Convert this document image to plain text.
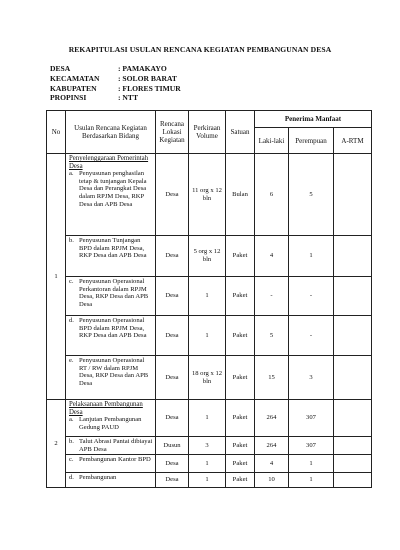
REKAPITULASI USULAN RENCANA KEGIATAN PEMBANGUNAN DESA
DESA	: PAMAKAYO
KECAMATAN	: SOLOR BARAT
KABUPATEN	: FLORES TIMUR
PROPINSI	: NTT
No	Usulan Rencana Kegiatan Berdasarkan Bidang	Rencana Lokasi Kegiatan	Perkiraan Volume	Satuan	Penerima Manfaat		
					Laki-laki	Perempuan	A-RTM
1	Penyelenggaraan Pemerintah Desa
a. Penyusunan penghasilan tetap & tunjangan Kepala Desa dan Perangkat Desa dalam RPJM Desa, RKP Desa dan APB Desa	Desa	11 org x 12 bln	Bulan	6	5	

	b. Penyusunan Tunjangan BPD dalam RPJM Desa, RKP Desa dan APB Desa	Desa	5 org x 12 bln	Paket	4	1	

	c. Penyusunan Operasional Perkantoran dalam RPJM Desa, RKP Desa dan APB Desa	Desa	1	Paket	-	-	

	d. Penyusunan Operasional BPD dalam RPJM Desa, RKP Desa dan APB Desa	Desa	1	Paket	5	-	

	e. Penyusunan Operasional RT / RW dalam RPJM Desa, RKP Desa dan APB Desa	Desa	18 org x 12 bln	Paket	15	3	
2	Pelaksanaan Pembangunan Desa
a. Lanjutan Pembangunan Gedung PAUD	Desa	1	Paket	264	307	

	b. Talut Abrasi Pantai dibiayai APB Desa	Dusun	3	Paket	264	307	

	c. Pembangunan Kantor BPD	Desa	1	Paket	4	1	

	d. Pembangunan	Desa	1	Paket	10	1	
